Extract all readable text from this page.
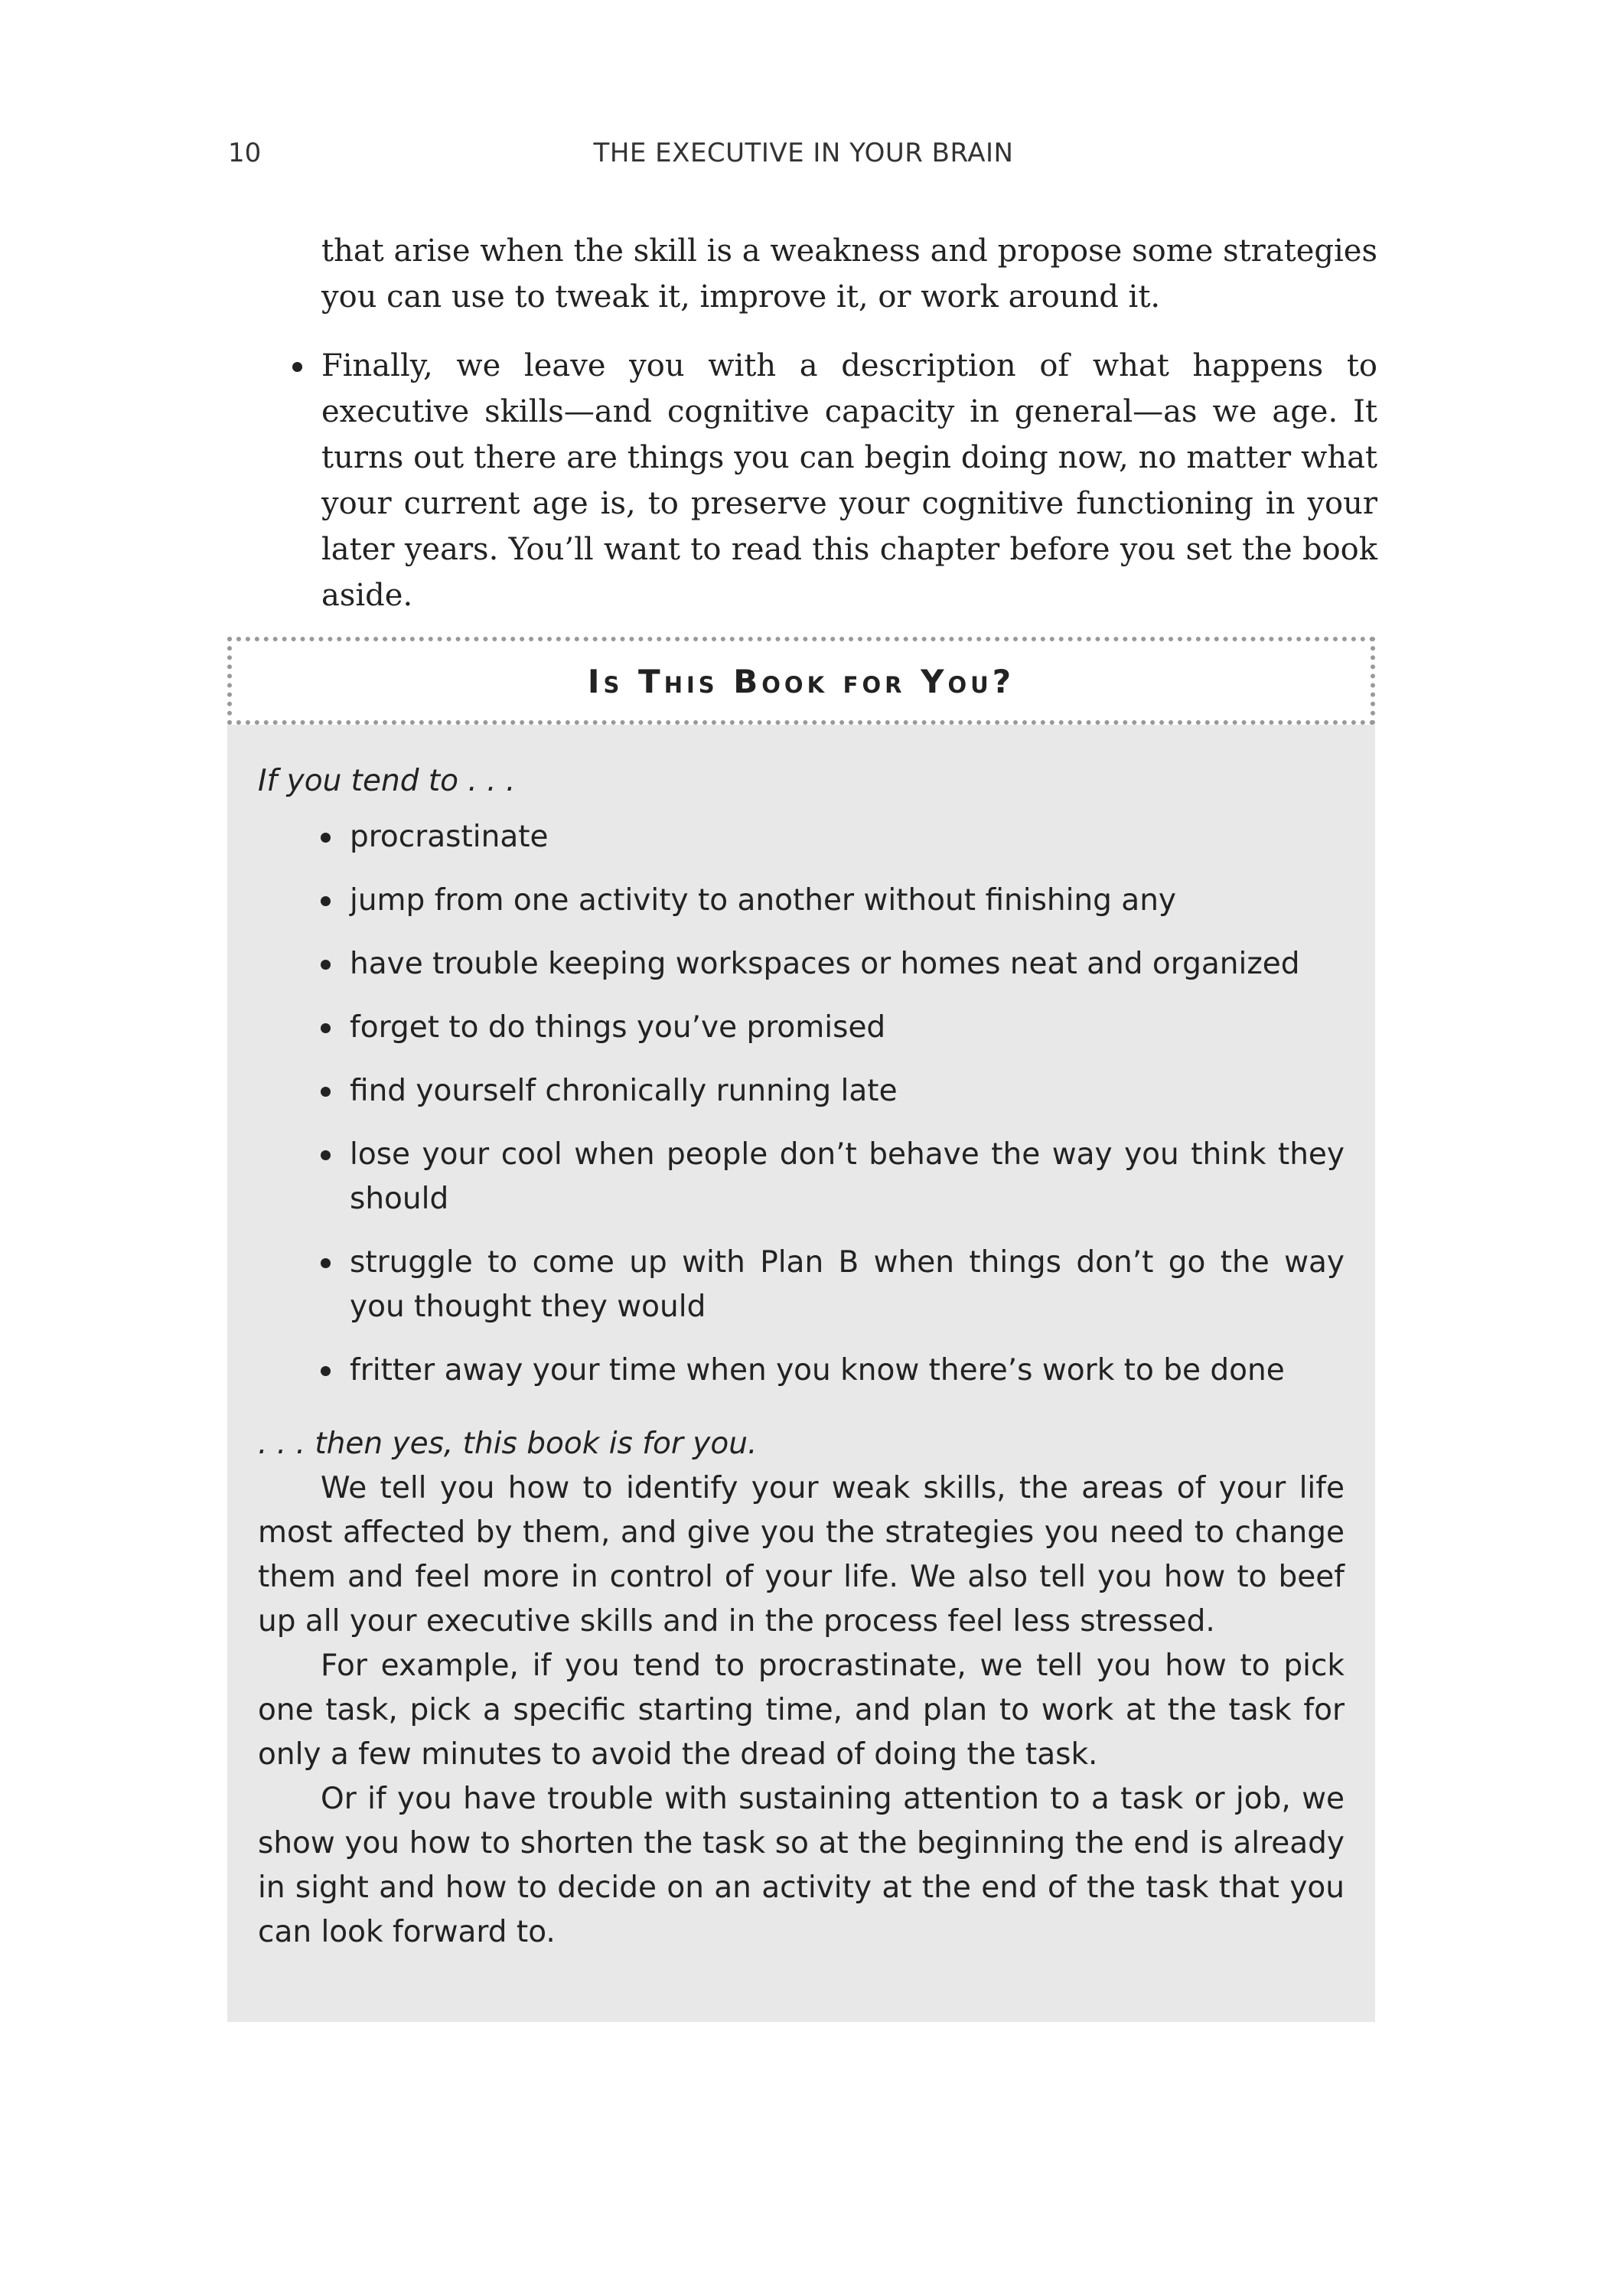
10	THE EXECUTIVE IN YOUR BRAIN

that arise when the skill is a weakness and propose some strategies you can use to tweak it, improve it, or work around it.

Finally, we leave you with a description of what happens to executive skills—and cognitive capacity in general—as we age. It turns out there are things you can begin doing now, no matter what your current age is, to preserve your cognitive functioning in your later years. You’ll want to read this chapter before you set the book aside.

Is This Book for You?

If you tend to . . .

procrastinate
jump from one activity to another without finishing any
have trouble keeping workspaces or homes neat and organized
forget to do things you’ve promised
find yourself chronically running late
lose your cool when people don’t behave the way you think they should
struggle to come up with Plan B when things don’t go the way you thought they would
fritter away your time when you know there’s work to be done

. . . then yes, this book is for you.

We tell you how to identify your weak skills, the areas of your life most affected by them, and give you the strategies you need to change them and feel more in control of your life. We also tell you how to beef up all your executive skills and in the process feel less stressed.

For example, if you tend to procrastinate, we tell you how to pick one task, pick a specific starting time, and plan to work at the task for only a few minutes to avoid the dread of doing the task.

Or if you have trouble with sustaining attention to a task or job, we show you how to shorten the task so at the beginning the end is already in sight and how to decide on an activity at the end of the task that you can look forward to.
